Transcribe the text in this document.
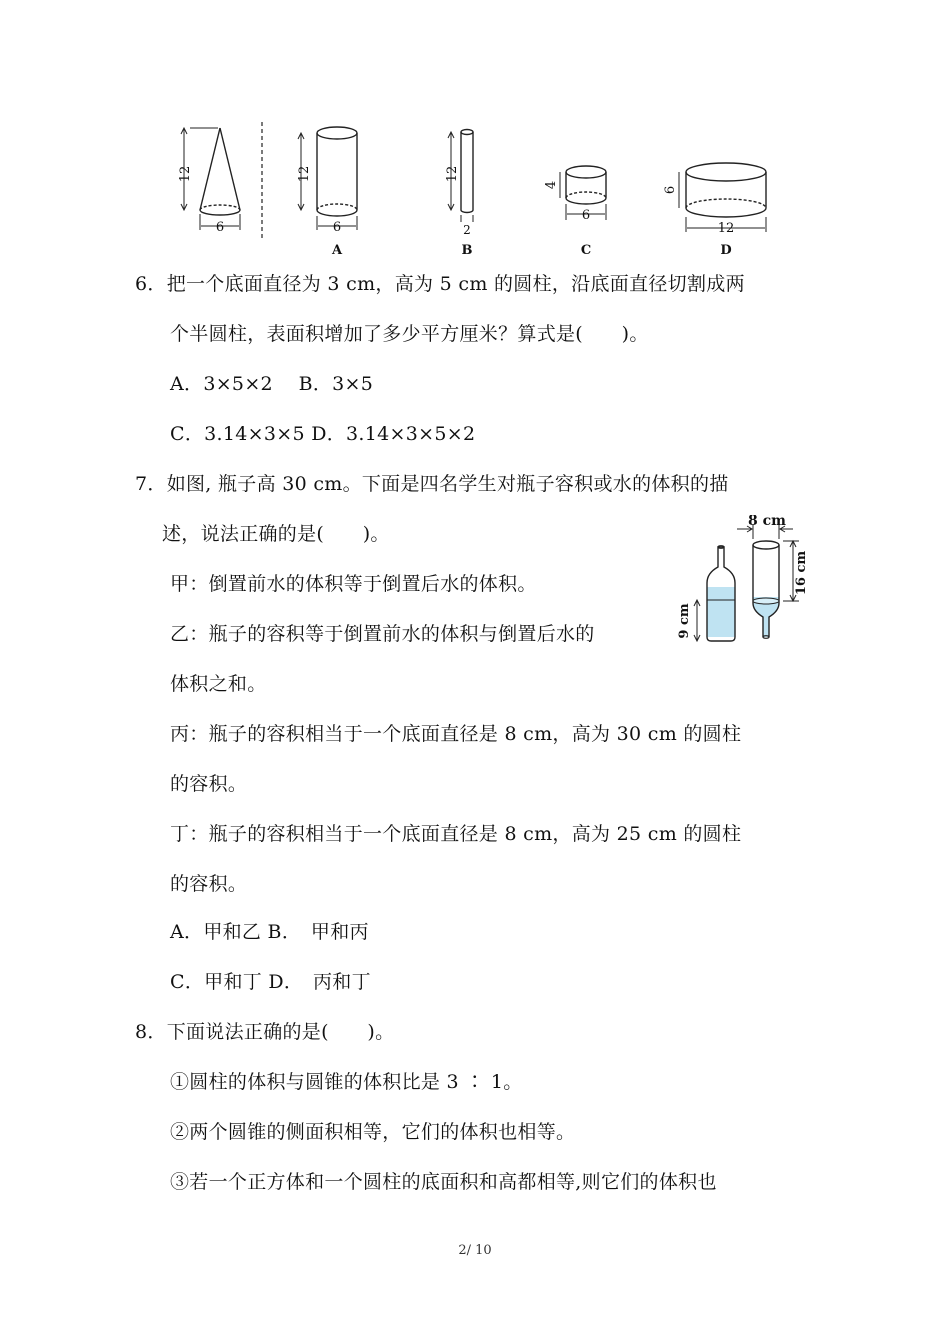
12
6
12
6
A
12
2
B
4
6
C
6
12
D
6．把一个底面直径为 3 cm，高为 5 cm 的圆柱，沿底面直径切割成两
个半圆柱，表面积增加了多少平方厘米？算式是(　　)。
A．3×5×2　 B．3×5
C．3.14×3×5 D．3.14×3×5×2
7．如图, 瓶子高 30 cm。下面是四名学生对瓶子容积或水的体积的描
述，说法正确的是(　　)。
甲：倒置前水的体积等于倒置后水的体积。
乙：瓶子的容积等于倒置前水的体积与倒置后水的
体积之和。
丙：瓶子的容积相当于一个底面直径是 8 cm，高为 30 cm 的圆柱
的容积。
丁：瓶子的容积相当于一个底面直径是 8 cm，高为 25 cm 的圆柱
的容积。
A．甲和乙 B．　甲和丙
C．甲和丁 D．　丙和丁
9 cm
8 cm
16 cm
8．下面说法正确的是(　　)。
①圆柱的体积与圆锥的体积比是 3 ∶ 1。
②两个圆锥的侧面积相等，它们的体积也相等。
③若一个正方体和一个圆柱的底面积和高都相等,则它们的体积也
2/ 10
